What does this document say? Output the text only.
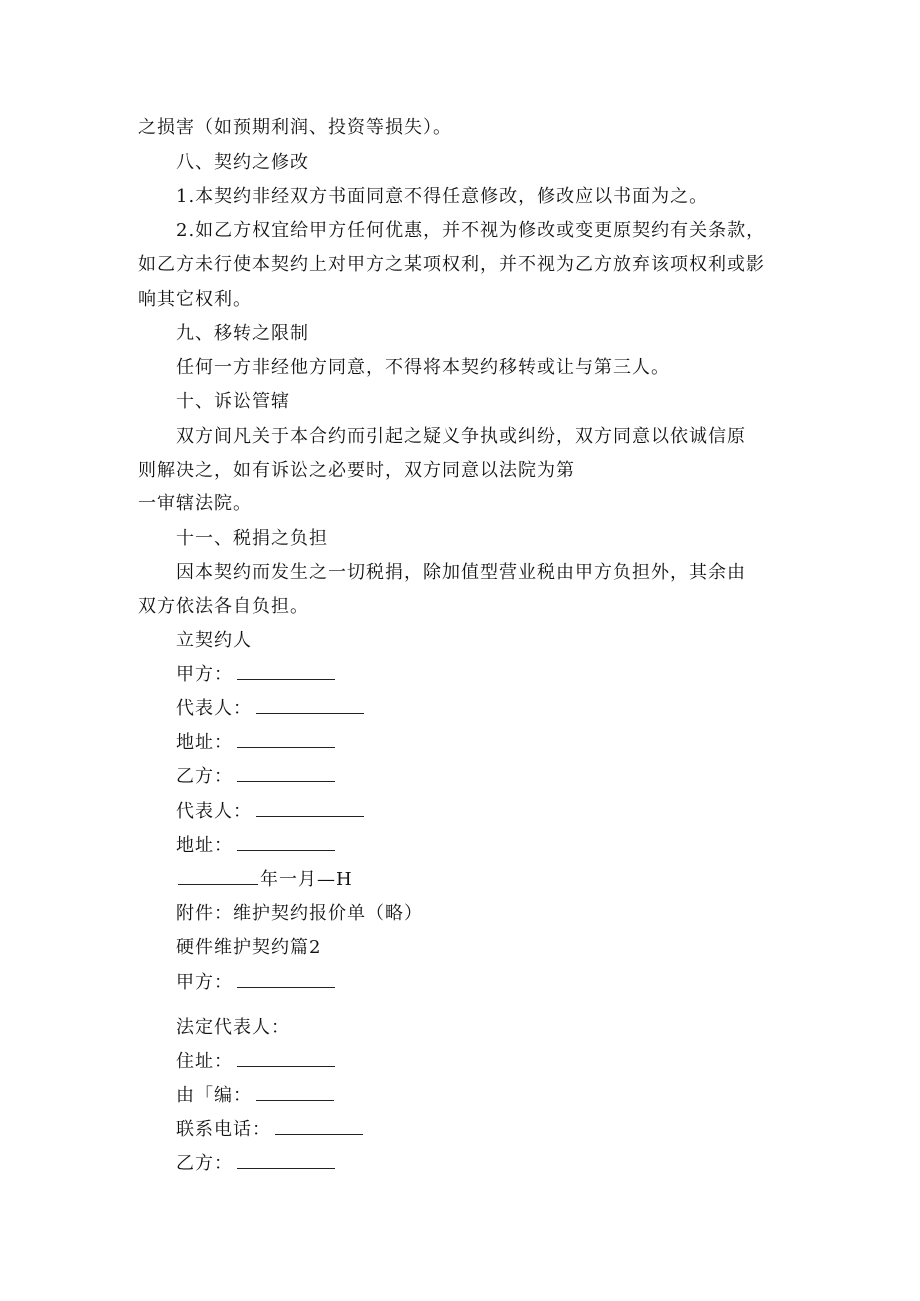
之损害（如预期利润、投资等损失）。
八、契约之修改
1.本契约非经双方书面同意不得任意修改，修改应以书面为之。
2.如乙方权宜给甲方任何优惠，并不视为修改或变更原契约有关条款，
如乙方未行使本契约上对甲方之某项权利，并不视为乙方放弃该项权利或影
响其它权利。
九、移转之限制
任何一方非经他方同意，不得将本契约移转或让与第三人。
十、诉讼管辖
双方间凡关于本合约而引起之疑义争执或纠纷，双方同意以依诚信原
则解决之，如有诉讼之必要时，双方同意以法院为第
一审辖法院。
十一、税捐之负担
因本契约而发生之一切税捐，除加值型营业税由甲方负担外，其余由
双方依法各自负担。
立契约人
甲方：
代表人：
地址：
乙方：
代表人：
地址：
年一月—H
附件：维护契约报价单（略）
硬件维护契约篇2
甲方：
法定代表人：
住址：
由「编：
联系电话：
乙方：
